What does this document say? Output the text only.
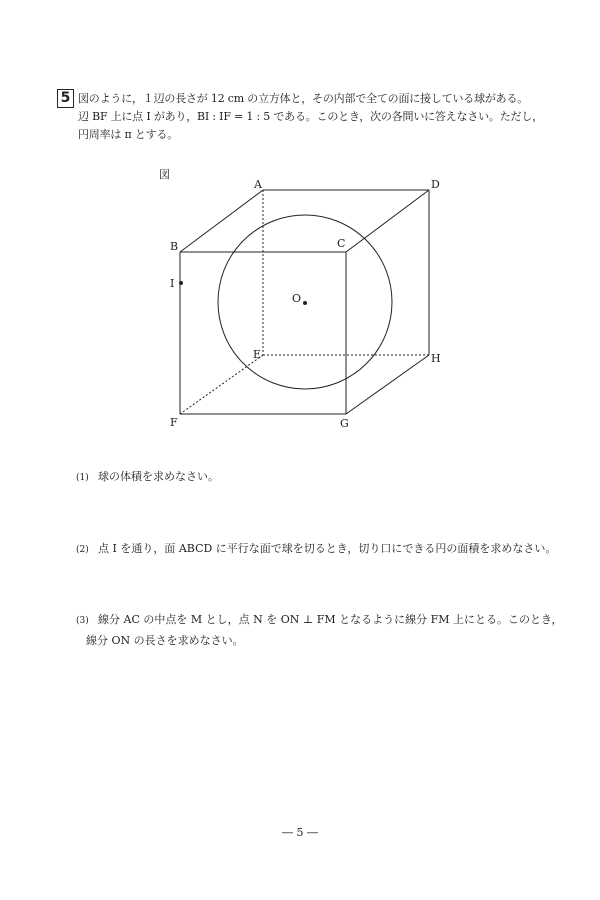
5 図のように，１辺の長さが 12 cm の立方体と，その内部で全ての面に接している球がある。
辺 BF 上に点 I があり，BI : IF = 1 : 5 である。このとき，次の各問いに答えなさい。ただし，
円周率は π とする。
図
A	D
B	C
I
O
E	H
F	G
(1) 球の体積を求めなさい。
(2) 点 I を通り，面 ABCD に平行な面で球を切るとき，切り口にできる円の面積を求めなさい。
(3) 線分 AC の中点を M とし，点 N を ON ⊥ FM となるように線分 FM 上にとる。このとき，
線分 ON の長さを求めなさい。
― 5 ―
